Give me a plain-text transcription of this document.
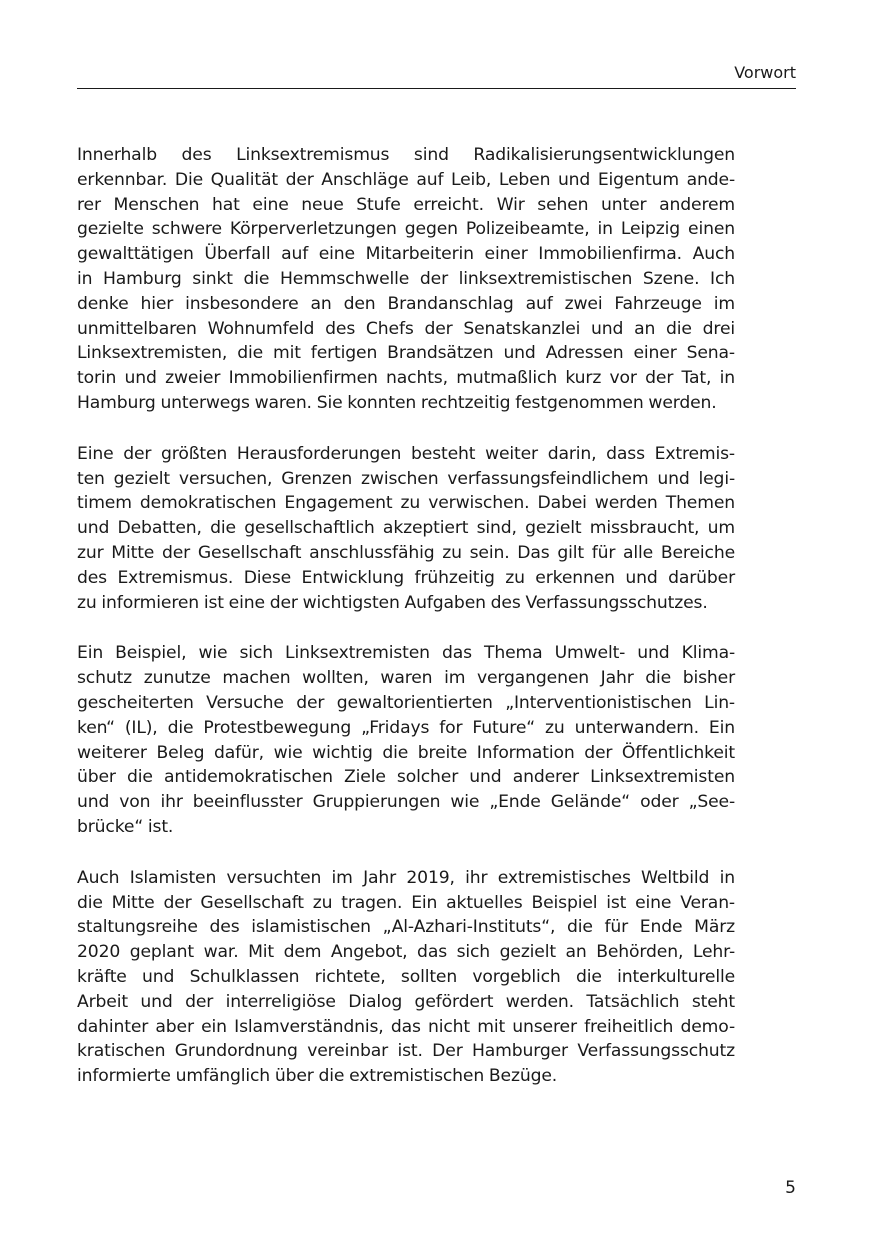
Vorwort
Innerhalb des Linksextremismus sind Radikalisierungsentwicklungen
erkennbar. Die Qualität der Anschläge auf Leib, Leben und Eigentum ande-
rer Menschen hat eine neue Stufe erreicht. Wir sehen unter anderem
gezielte schwere Körperverletzungen gegen Polizeibeamte, in Leipzig einen
gewalttätigen Überfall auf eine Mitarbeiterin einer Immobilienfirma. Auch
in Hamburg sinkt die Hemmschwelle der linksextremistischen Szene. Ich
denke hier insbesondere an den Brandanschlag auf zwei Fahrzeuge im
unmittelbaren Wohnumfeld des Chefs der Senatskanzlei und an die drei
Linksextremisten, die mit fertigen Brandsätzen und Adressen einer Sena-
torin und zweier Immobilienfirmen nachts, mutmaßlich kurz vor der Tat, in
Hamburg unterwegs waren. Sie konnten rechtzeitig festgenommen werden.
Eine der größten Herausforderungen besteht weiter darin, dass Extremis-
ten gezielt versuchen, Grenzen zwischen verfassungsfeindlichem und legi-
timem demokratischen Engagement zu verwischen. Dabei werden Themen
und Debatten, die gesellschaftlich akzeptiert sind, gezielt missbraucht, um
zur Mitte der Gesellschaft anschlussfähig zu sein. Das gilt für alle Bereiche
des Extremismus. Diese Entwicklung frühzeitig zu erkennen und darüber
zu informieren ist eine der wichtigsten Aufgaben des Verfassungsschutzes.
Ein Beispiel, wie sich Linksextremisten das Thema Umwelt- und Klima-
schutz zunutze machen wollten, waren im vergangenen Jahr die bisher
gescheiterten Versuche der gewaltorientierten „Interventionistischen Lin-
ken“ (IL), die Protestbewegung „Fridays for Future“ zu unterwandern. Ein
weiterer Beleg dafür, wie wichtig die breite Information der Öffentlichkeit
über die antidemokratischen Ziele solcher und anderer Linksextremisten
und von ihr beeinflusster Gruppierungen wie „Ende Gelände“ oder „See-
brücke“ ist.
Auch Islamisten versuchten im Jahr 2019, ihr extremistisches Weltbild in
die Mitte der Gesellschaft zu tragen. Ein aktuelles Beispiel ist eine Veran-
staltungsreihe des islamistischen „Al-Azhari-Instituts“, die für Ende März
2020 geplant war. Mit dem Angebot, das sich gezielt an Behörden, Lehr-
kräfte und Schulklassen richtete, sollten vorgeblich die interkulturelle
Arbeit und der interreligiöse Dialog gefördert werden. Tatsächlich steht
dahinter aber ein Islamverständnis, das nicht mit unserer freiheitlich demo-
kratischen Grundordnung vereinbar ist. Der Hamburger Verfassungsschutz
informierte umfänglich über die extremistischen Bezüge.
5
